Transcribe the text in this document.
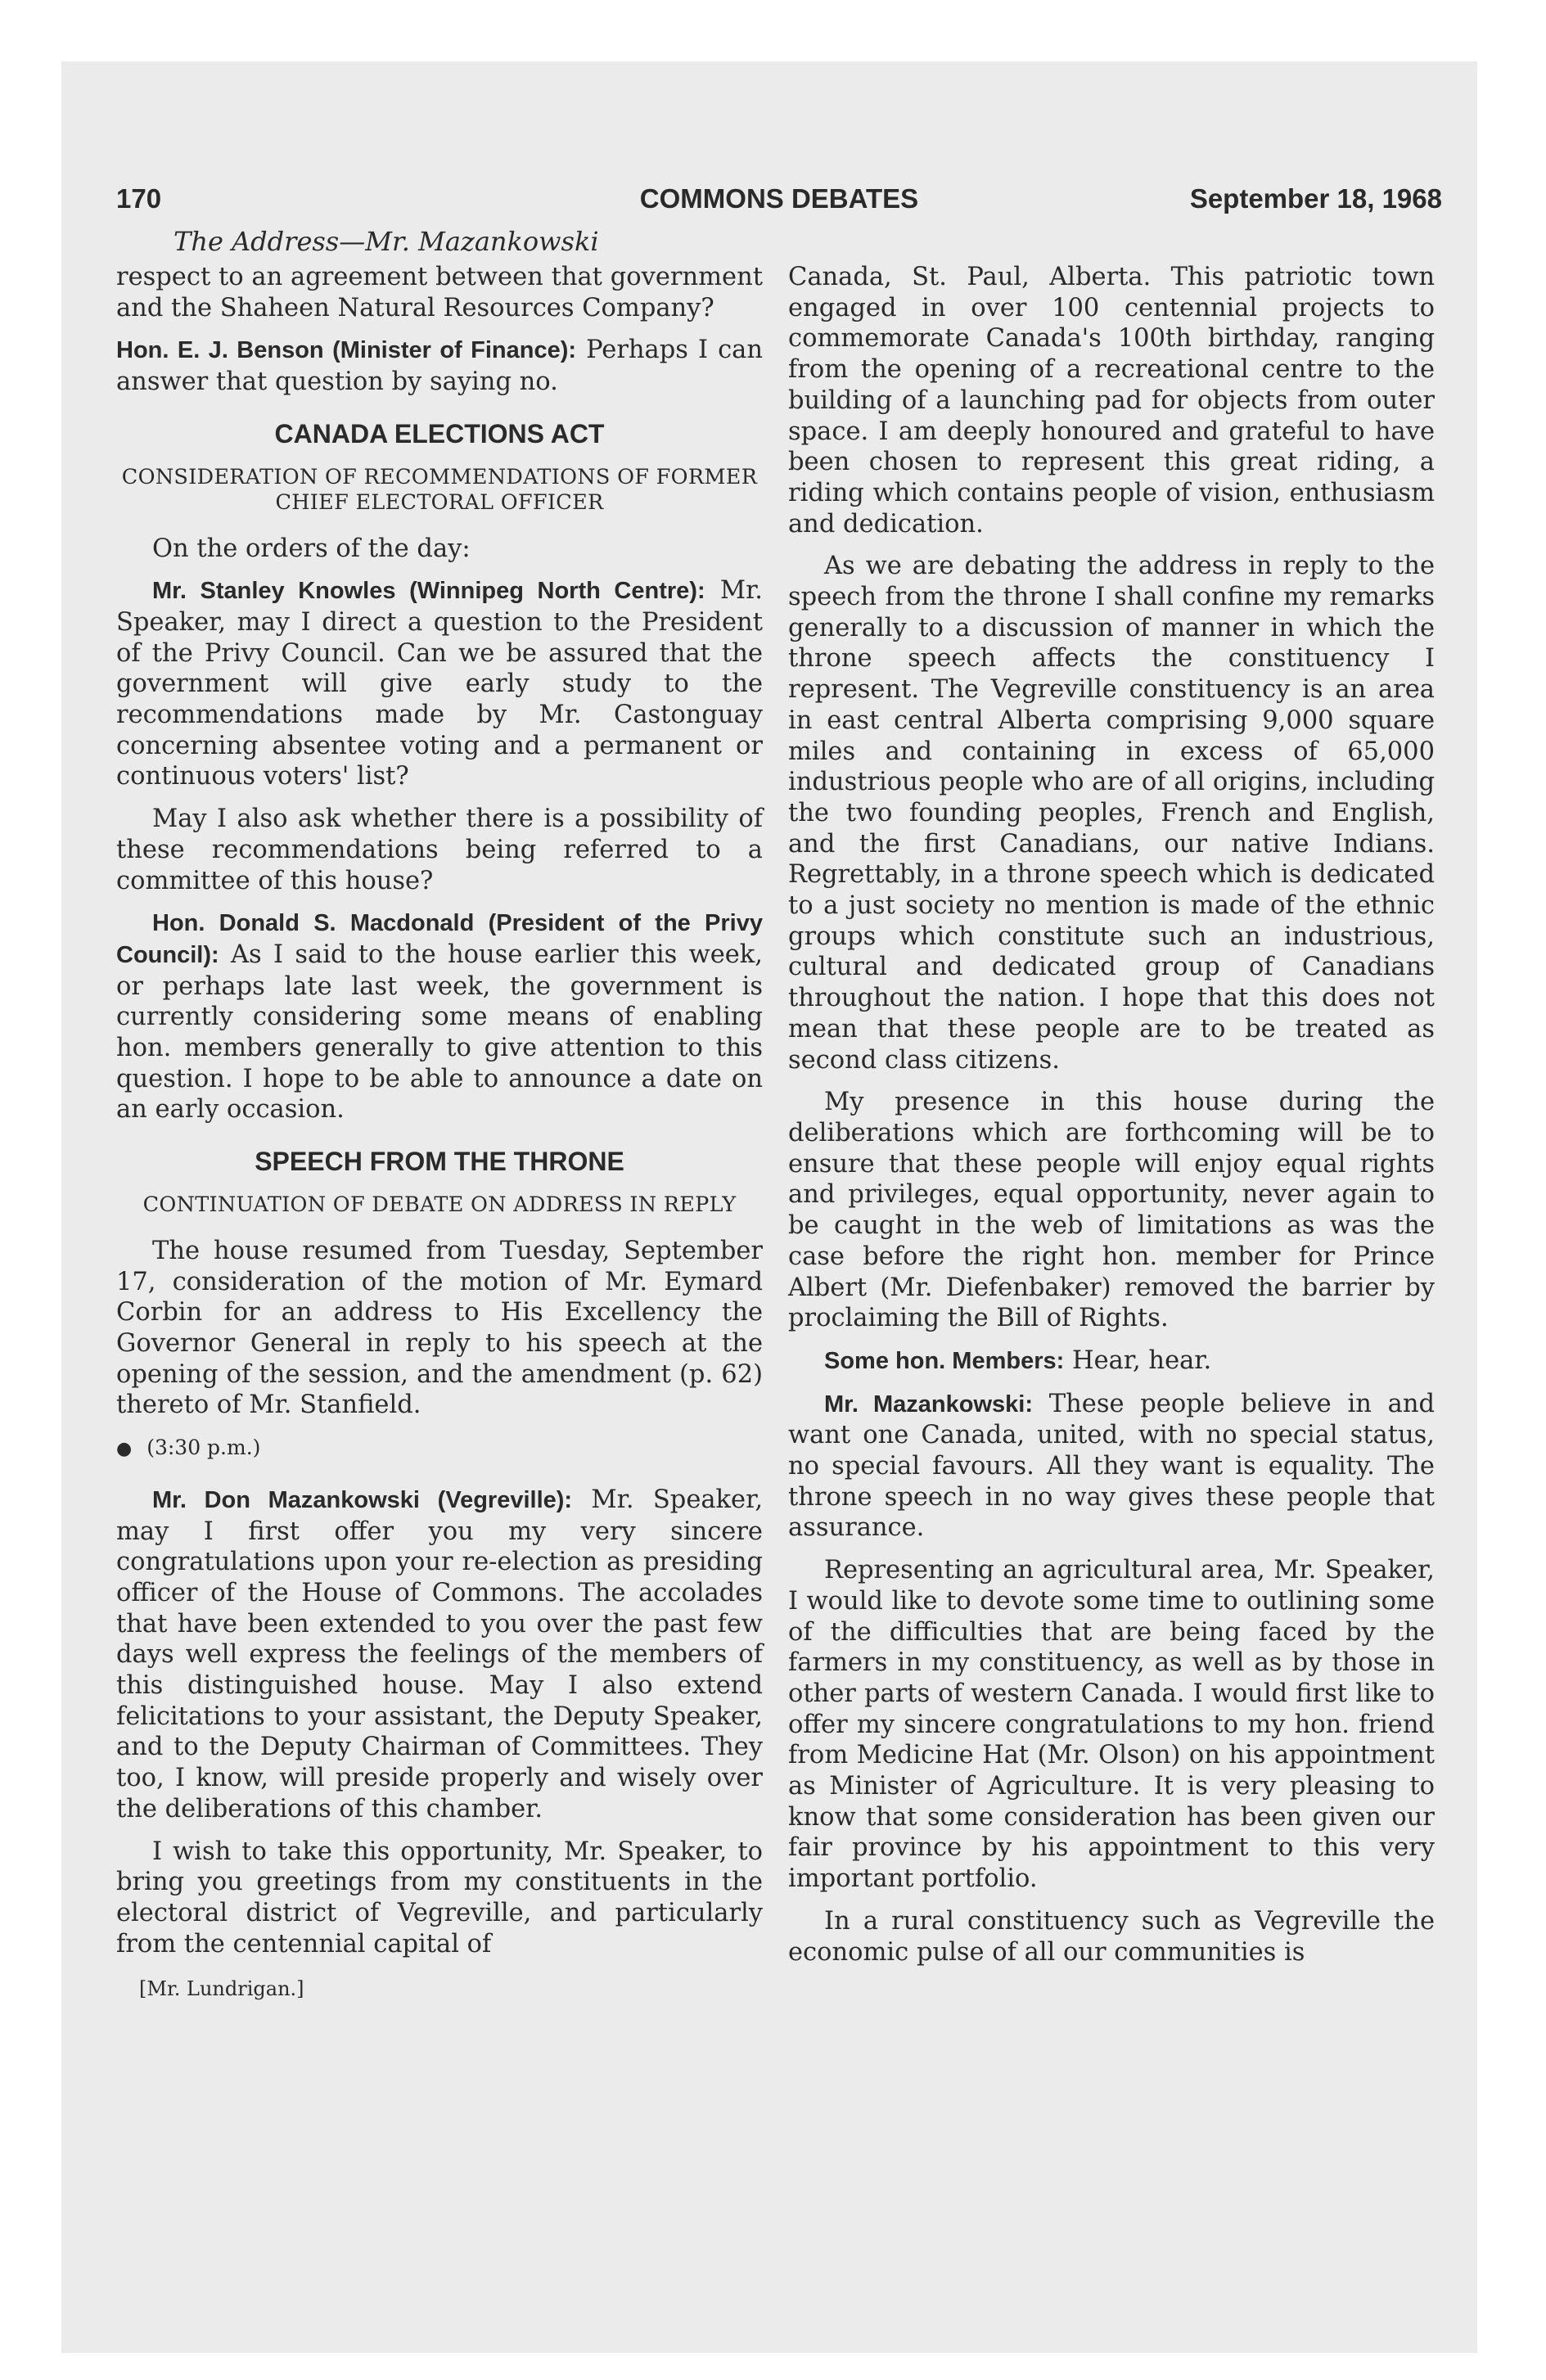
170	COMMONS DEBATES	September 18, 1968
The Address—Mr. Mazankowski

respect to an agreement between that government and the Shaheen Natural Resources Company?

Hon. E. J. Benson (Minister of Finance): Perhaps I can answer that question by saying no.

CANADA ELECTIONS ACT
CONSIDERATION OF RECOMMENDATIONS OF FORMER CHIEF ELECTORAL OFFICER

On the orders of the day:

Mr. Stanley Knowles (Winnipeg North Centre): Mr. Speaker, may I direct a question to the President of the Privy Council. Can we be assured that the government will give early study to the recommendations made by Mr. Castonguay concerning absentee voting and a permanent or continuous voters' list?

May I also ask whether there is a possibility of these recommendations being referred to a committee of this house?

Hon. Donald S. Macdonald (President of the Privy Council): As I said to the house earlier this week, or perhaps late last week, the government is currently considering some means of enabling hon. members generally to give attention to this question. I hope to be able to announce a date on an early occasion.

SPEECH FROM THE THRONE
CONTINUATION OF DEBATE ON ADDRESS IN REPLY

The house resumed from Tuesday, September 17, consideration of the motion of Mr. Eymard Corbin for an address to His Excellency the Governor General in reply to his speech at the opening of the session, and the amendment (p. 62) thereto of Mr. Stanfield.

● (3:30 p.m.)

Mr. Don Mazankowski (Vegreville): Mr. Speaker, may I first offer you my very sincere congratulations upon your re-election as presiding officer of the House of Commons. The accolades that have been extended to you over the past few days well express the feelings of the members of this distinguished house. May I also extend felicitations to your assistant, the Deputy Speaker, and to the Deputy Chairman of Committees. They too, I know, will preside properly and wisely over the deliberations of this chamber.

I wish to take this opportunity, Mr. Speaker, to bring you greetings from my constituents in the electoral district of Vegreville, and particularly from the centennial capital of

[Mr. Lundrigan.]

Canada, St. Paul, Alberta. This patriotic town engaged in over 100 centennial projects to commemorate Canada's 100th birthday, ranging from the opening of a recreational centre to the building of a launching pad for objects from outer space. I am deeply honoured and grateful to have been chosen to represent this great riding, a riding which contains people of vision, enthusiasm and dedication.

As we are debating the address in reply to the speech from the throne I shall confine my remarks generally to a discussion of manner in which the throne speech affects the constituency I represent. The Vegreville constituency is an area in east central Alberta comprising 9,000 square miles and containing in excess of 65,000 industrious people who are of all origins, including the two founding peoples, French and English, and the first Canadians, our native Indians. Regrettably, in a throne speech which is dedicated to a just society no mention is made of the ethnic groups which constitute such an industrious, cultural and dedicated group of Canadians throughout the nation. I hope that this does not mean that these people are to be treated as second class citizens.

My presence in this house during the deliberations which are forthcoming will be to ensure that these people will enjoy equal rights and privileges, equal opportunity, never again to be caught in the web of limitations as was the case before the right hon. member for Prince Albert (Mr. Diefenbaker) removed the barrier by proclaiming the Bill of Rights.

Some hon. Members: Hear, hear.

Mr. Mazankowski: These people believe in and want one Canada, united, with no special status, no special favours. All they want is equality. The throne speech in no way gives these people that assurance.

Representing an agricultural area, Mr. Speaker, I would like to devote some time to outlining some of the difficulties that are being faced by the farmers in my constituency, as well as by those in other parts of western Canada. I would first like to offer my sincere congratulations to my hon. friend from Medicine Hat (Mr. Olson) on his appointment as Minister of Agriculture. It is very pleasing to know that some consideration has been given our fair province by his appointment to this very important portfolio.

In a rural constituency such as Vegreville the economic pulse of all our communities is
